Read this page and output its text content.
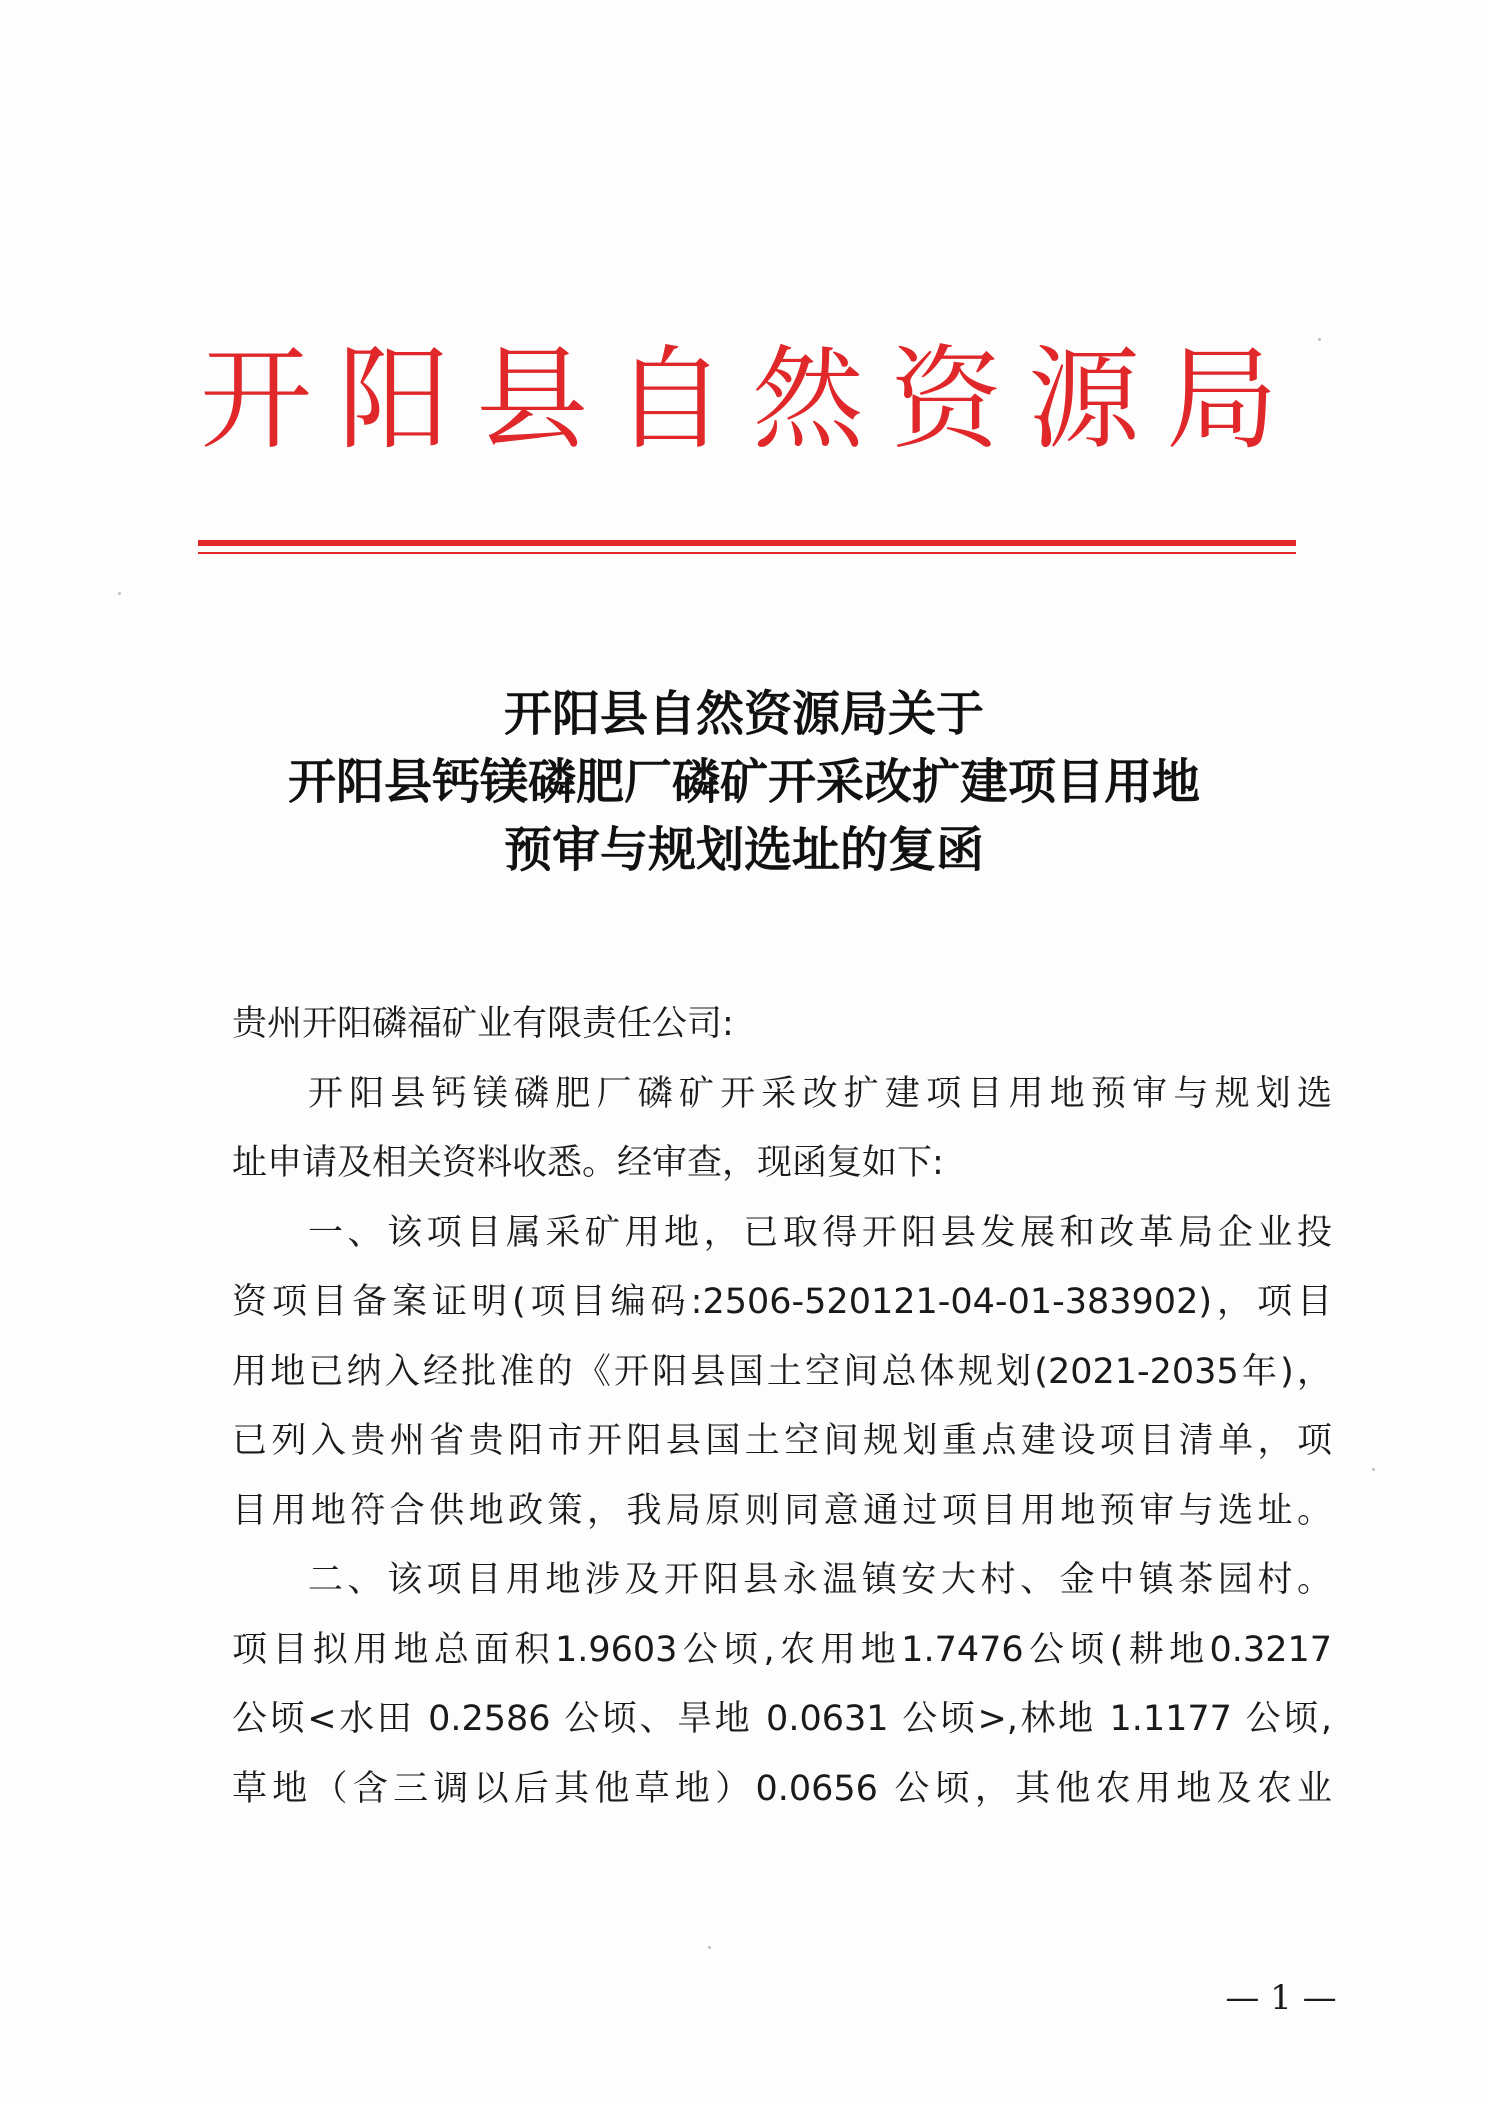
开阳县自然资源局
开阳县自然资源局关于
开阳县钙镁磷肥厂磷矿开采改扩建项目用地
预审与规划选址的复函
贵州开阳磷福矿业有限责任公司:
开阳县钙镁磷肥厂磷矿开采改扩建项目用地预审与规划选
址申请及相关资料收悉。经审查，现函复如下:
一、该项目属采矿用地，已取得开阳县发展和改革局企业投
资项目备案证明(项目编码:2506-520121-04-01-383902)，项目
用地已纳入经批准的《开阳县国土空间总体规划(2021-2035年)，
已列入贵州省贵阳市开阳县国土空间规划重点建设项目清单，项
目用地符合供地政策，我局原则同意通过项目用地预审与选址。
二、该项目用地涉及开阳县永温镇安大村、金中镇茶园村。
项目拟用地总面积1.9603公顷,农用地1.7476公顷(耕地0.3217
公顷<水田 0.2586 公顷、旱地 0.0631 公顷>,林地 1.1177 公顷,
草地（含三调以后其他草地）0.0656 公顷，其他农用地及农业
— 1 —
